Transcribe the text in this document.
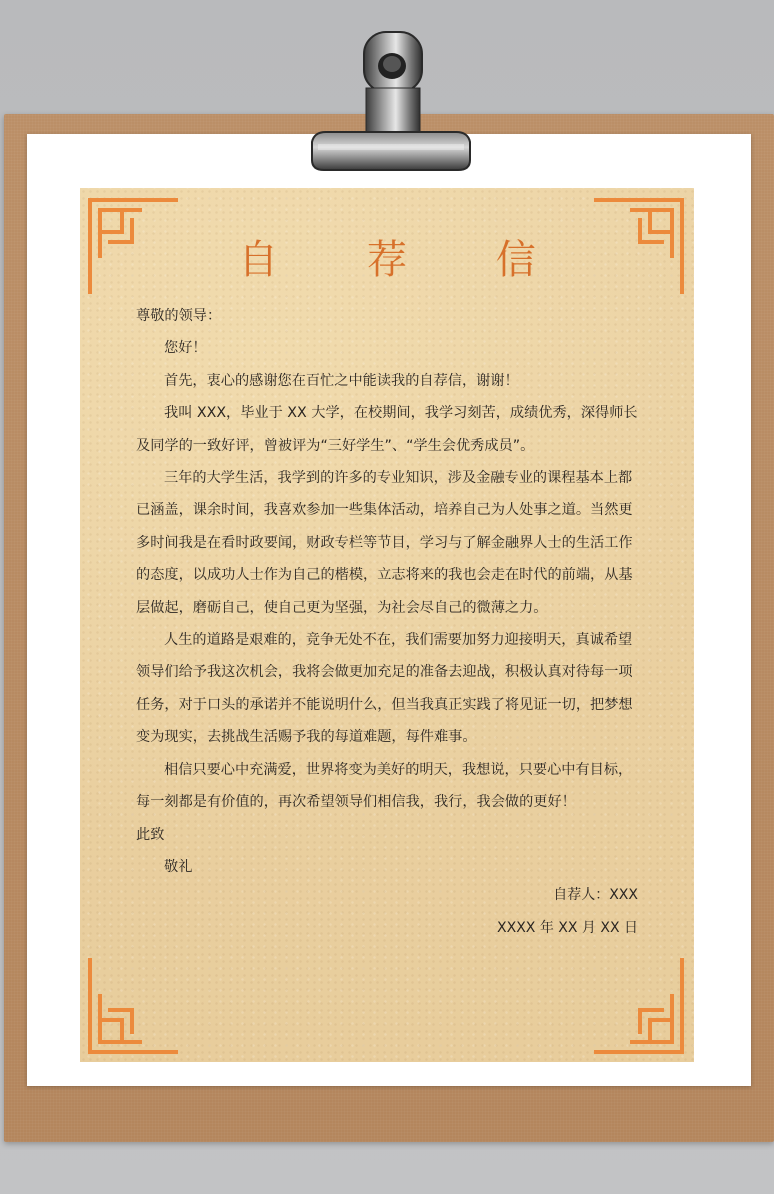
自 荐 信

尊敬的领导：

您好！

首先，衷心的感谢您在百忙之中能读我的自荐信，谢谢！

我叫 XXX，毕业于 XX 大学，在校期间，我学习刻苦，成绩优秀，深得师长及同学的一致好评，曾被评为“三好学生”、“学生会优秀成员”。

三年的大学生活，我学到的许多的专业知识，涉及金融专业的课程基本上都已涵盖，课余时间，我喜欢参加一些集体活动，培养自己为人处事之道。当然更多时间我是在看时政要闻，财政专栏等节目，学习与了解金融界人士的生活工作的态度，以成功人士作为自己的楷模，立志将来的我也会走在时代的前端，从基层做起，磨砺自己，使自己更为坚强，为社会尽自己的微薄之力。

人生的道路是艰难的，竞争无处不在，我们需要加努力迎接明天，真诚希望领导们给予我这次机会，我将会做更加充足的准备去迎战，积极认真对待每一项任务，对于口头的承诺并不能说明什么，但当我真正实践了将见证一切，把梦想变为现实，去挑战生活赐予我的每道难题，每件难事。

相信只要心中充满爱，世界将变为美好的明天，我想说，只要心中有目标，每一刻都是有价值的，再次希望领导们相信我，我行，我会做的更好！

此致

敬礼

自荐人：XXX
XXXX 年 XX 月 XX 日
